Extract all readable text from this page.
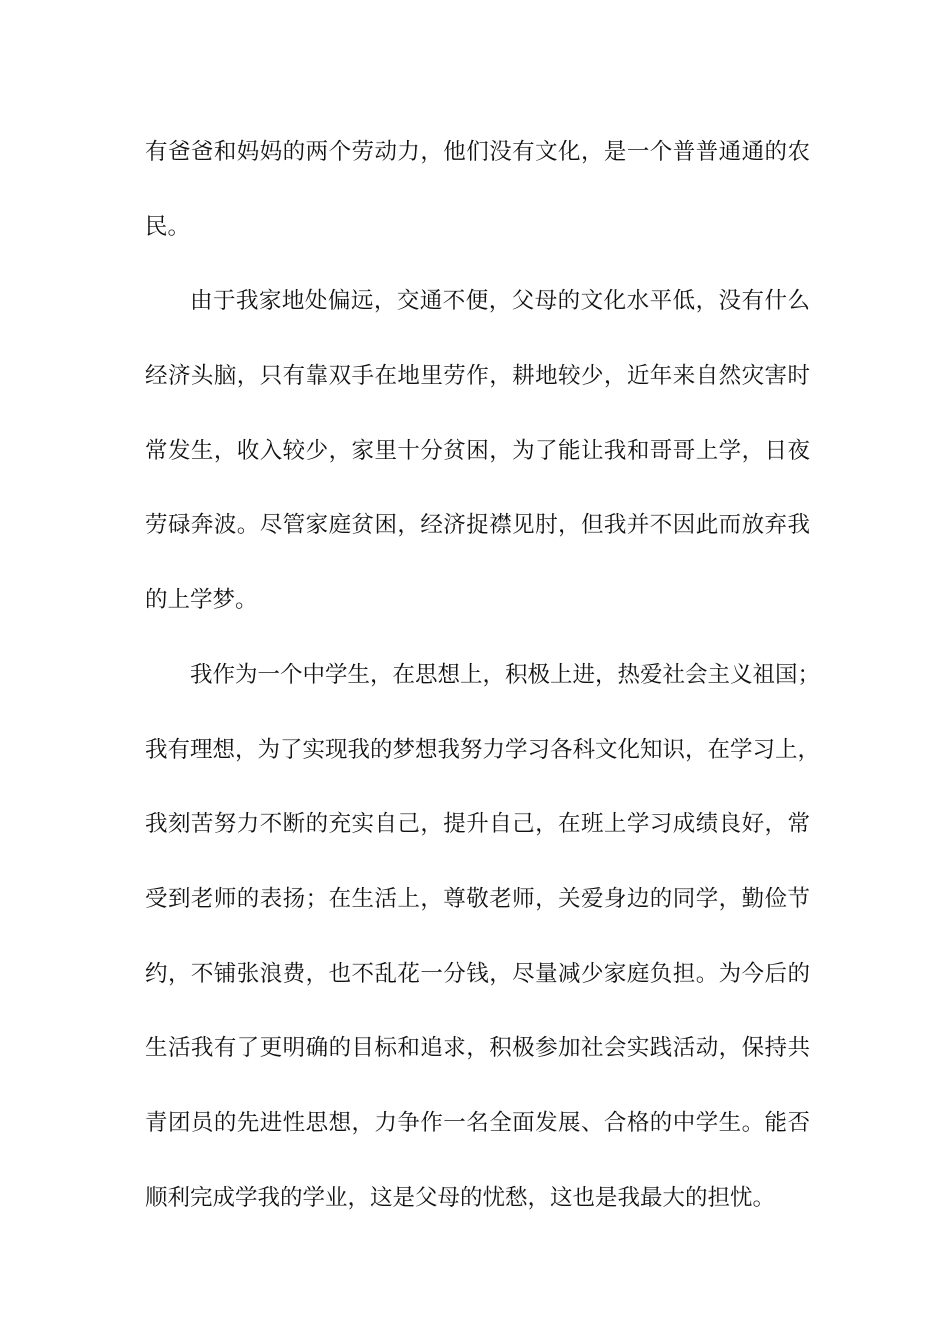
有爸爸和妈妈的两个劳动力，他们没有文化，是一个普普通通的农
民。
由于我家地处偏远，交通不便，父母的文化水平低，没有什么
经济头脑，只有靠双手在地里劳作，耕地较少，近年来自然灾害时
常发生，收入较少，家里十分贫困，为了能让我和哥哥上学，日夜
劳碌奔波。尽管家庭贫困，经济捉襟见肘，但我并不因此而放弃我
的上学梦。
我作为一个中学生，在思想上，积极上进，热爱社会主义祖国；
我有理想，为了实现我的梦想我努力学习各科文化知识，在学习上，
我刻苦努力不断的充实自己，提升自己，在班上学习成绩良好，常
受到老师的表扬；在生活上，尊敬老师，关爱身边的同学，勤俭节
约，不铺张浪费，也不乱花一分钱，尽量减少家庭负担。为今后的
生活我有了更明确的目标和追求，积极参加社会实践活动，保持共
青团员的先进性思想，力争作一名全面发展、合格的中学生。能否
顺利完成学我的学业，这是父母的忧愁，这也是我最大的担忧。
